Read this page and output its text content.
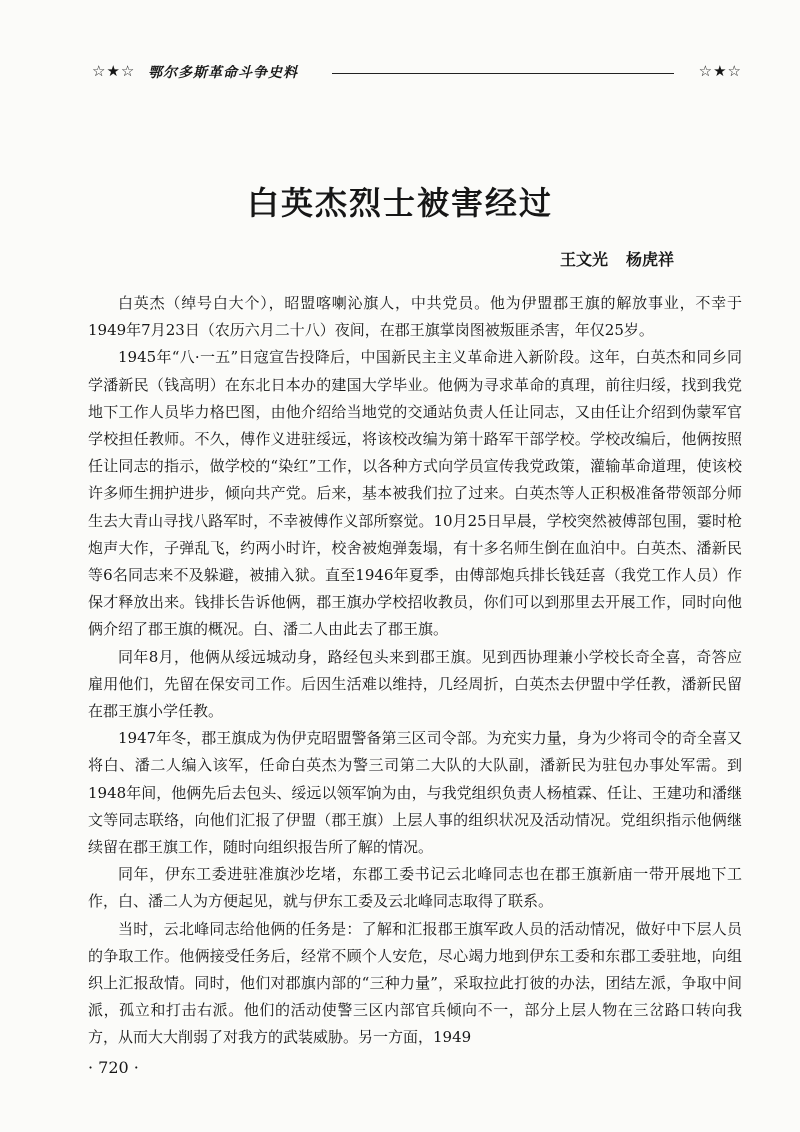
☆★☆ 鄂尔多斯革命斗争史料	☆★☆
白英杰烈士被害经过
王文光 杨虎祥

白英杰（绰号白大个），昭盟喀喇沁旗人，中共党员。他为伊盟郡王旗的解放事业，不幸于1949年7月23日（农历六月二十八）夜间，在郡王旗掌岗图被叛匪杀害，年仅25岁。

1945年“八·一五”日寇宣告投降后，中国新民主主义革命进入新阶段。这年，白英杰和同乡同学潘新民（钱高明）在东北日本办的建国大学毕业。他俩为寻求革命的真理，前往归绥，找到我党地下工作人员毕力格巴图，由他介绍给当地党的交通站负责人任让同志，又由任让介绍到伪蒙军官学校担任教师。不久，傅作义进驻绥远，将该校改编为第十路军干部学校。学校改编后，他俩按照任让同志的指示，做学校的“染红”工作，以各种方式向学员宣传我党政策，灌输革命道理，使该校许多师生拥护进步，倾向共产党。后来，基本被我们拉了过来。白英杰等人正积极准备带领部分师生去大青山寻找八路军时，不幸被傅作义部所察觉。10月25日早晨，学校突然被傅部包围，霎时枪炮声大作，子弹乱飞，约两小时许，校舍被炮弹轰塌，有十多名师生倒在血泊中。白英杰、潘新民等6名同志来不及躲避，被捕入狱。直至1946年夏季，由傅部炮兵排长钱廷喜（我党工作人员）作保才释放出来。钱排长告诉他俩，郡王旗办学校招收教员，你们可以到那里去开展工作，同时向他俩介绍了郡王旗的概况。白、潘二人由此去了郡王旗。

同年8月，他俩从绥远城动身，路经包头来到郡王旗。见到西协理兼小学校长奇全喜，奇答应雇用他们，先留在保安司工作。后因生活难以维持，几经周折，白英杰去伊盟中学任教，潘新民留在郡王旗小学任教。

1947年冬，郡王旗成为伪伊克昭盟警备第三区司令部。为充实力量，身为少将司令的奇全喜又将白、潘二人编入该军，任命白英杰为警三司第二大队的大队副，潘新民为驻包办事处军需。到1948年间，他俩先后去包头、绥远以领军饷为由，与我党组织负责人杨植霖、任让、王建功和潘继文等同志联络，向他们汇报了伊盟（郡王旗）上层人事的组织状况及活动情况。党组织指示他俩继续留在郡王旗工作，随时向组织报告所了解的情况。

同年，伊东工委进驻准旗沙圪堵，东郡工委书记云北峰同志也在郡王旗新庙一带开展地下工作，白、潘二人为方便起见，就与伊东工委及云北峰同志取得了联系。

当时，云北峰同志给他俩的任务是：了解和汇报郡王旗军政人员的活动情况，做好中下层人员的争取工作。他俩接受任务后，经常不顾个人安危，尽心竭力地到伊东工委和东郡工委驻地，向组织上汇报敌情。同时，他们对郡旗内部的“三种力量”，采取拉此打彼的办法，团结左派，争取中间派，孤立和打击右派。他们的活动使警三区内部官兵倾向不一，部分上层人物在三岔路口转向我方，从而大大削弱了对我方的武装威胁。另一方面，1949

· 720 ·
